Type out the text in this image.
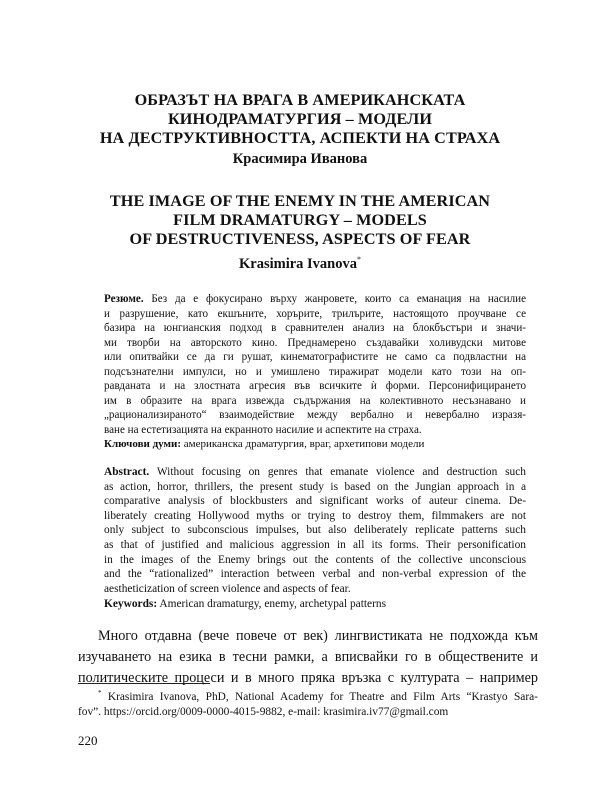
ОБРАЗЪТ НА ВРАГА В АМЕРИКАНСКАТА
КИНОДРАМАТУРГИЯ – МОДЕЛИ
НА ДЕСТРУКТИВНОСТТА, АСПЕКТИ НА СТРАХА
Красимира Иванова
THE IMAGE OF THE ENEMY IN THE AMERICAN
FILM DRAMATURGY – MODELS
OF DESTRUCTIVENESS, ASPECTS OF FEAR
Krasimira Ivanova*
Резюме. Без да е фокусирано върху жанровете, които са еманация на насилие
и разрушение, като екшъните, хорърите, трилърите, настоящото проучване се
базира на юнгианския подход в сравнителен анализ на блокбъстъри и значи-
ми творби на авторското кино. Преднамерено създавайки холивудски митове
или опитвайки се да ги рушат, кинематографистите не само са подвластни на
подсъзнателни импулси, но и умишлено тиражират модели като този на оп-
равданата и на злостната агресия във всичките ѝ форми. Персонифицирането
им в образите на врага извежда съдържания на колективното несъзнавано и
„рационализираното“ взаимодействие между вербално и невербално изразя-
ване на естетизацията на екранното насилие и аспектите на страха.
Ключови думи: американска драматургия, враг, архетипови модели
Abstract. Without focusing on genres that emanate violence and destruction such
as action, horror, thrillers, the present study is based on the Jungian approach in a
comparative analysis of blockbusters and significant works of auteur cinema. De-
liberately creating Hollywood myths or trying to destroy them, filmmakers are not
only subject to subconscious impulses, but also deliberately replicate patterns such
as that of justified and malicious aggression in all its forms. Their personification
in the images of the Enemy brings out the contents of the collective unconscious
and the “rationalized” interaction between verbal and non-verbal expression of the
aestheticization of screen violence and aspects of fear.
Keywords: American dramaturgy, enemy, archetypal patterns
Много отдавна (вече повече от век) лингвистиката не подхожда към
изучаването на езика в тесни рамки, а вписвайки го в обществените и
политическите процеси и в много пряка връзка с културата – например
* Krasimira Ivanova, PhD, National Academy for Theatre and Film Arts “Krastyo Sara-
fov”. https://orcid.org/0009-0000-4015-9882, e-mail: krasimira.iv77@gmail.com
220
